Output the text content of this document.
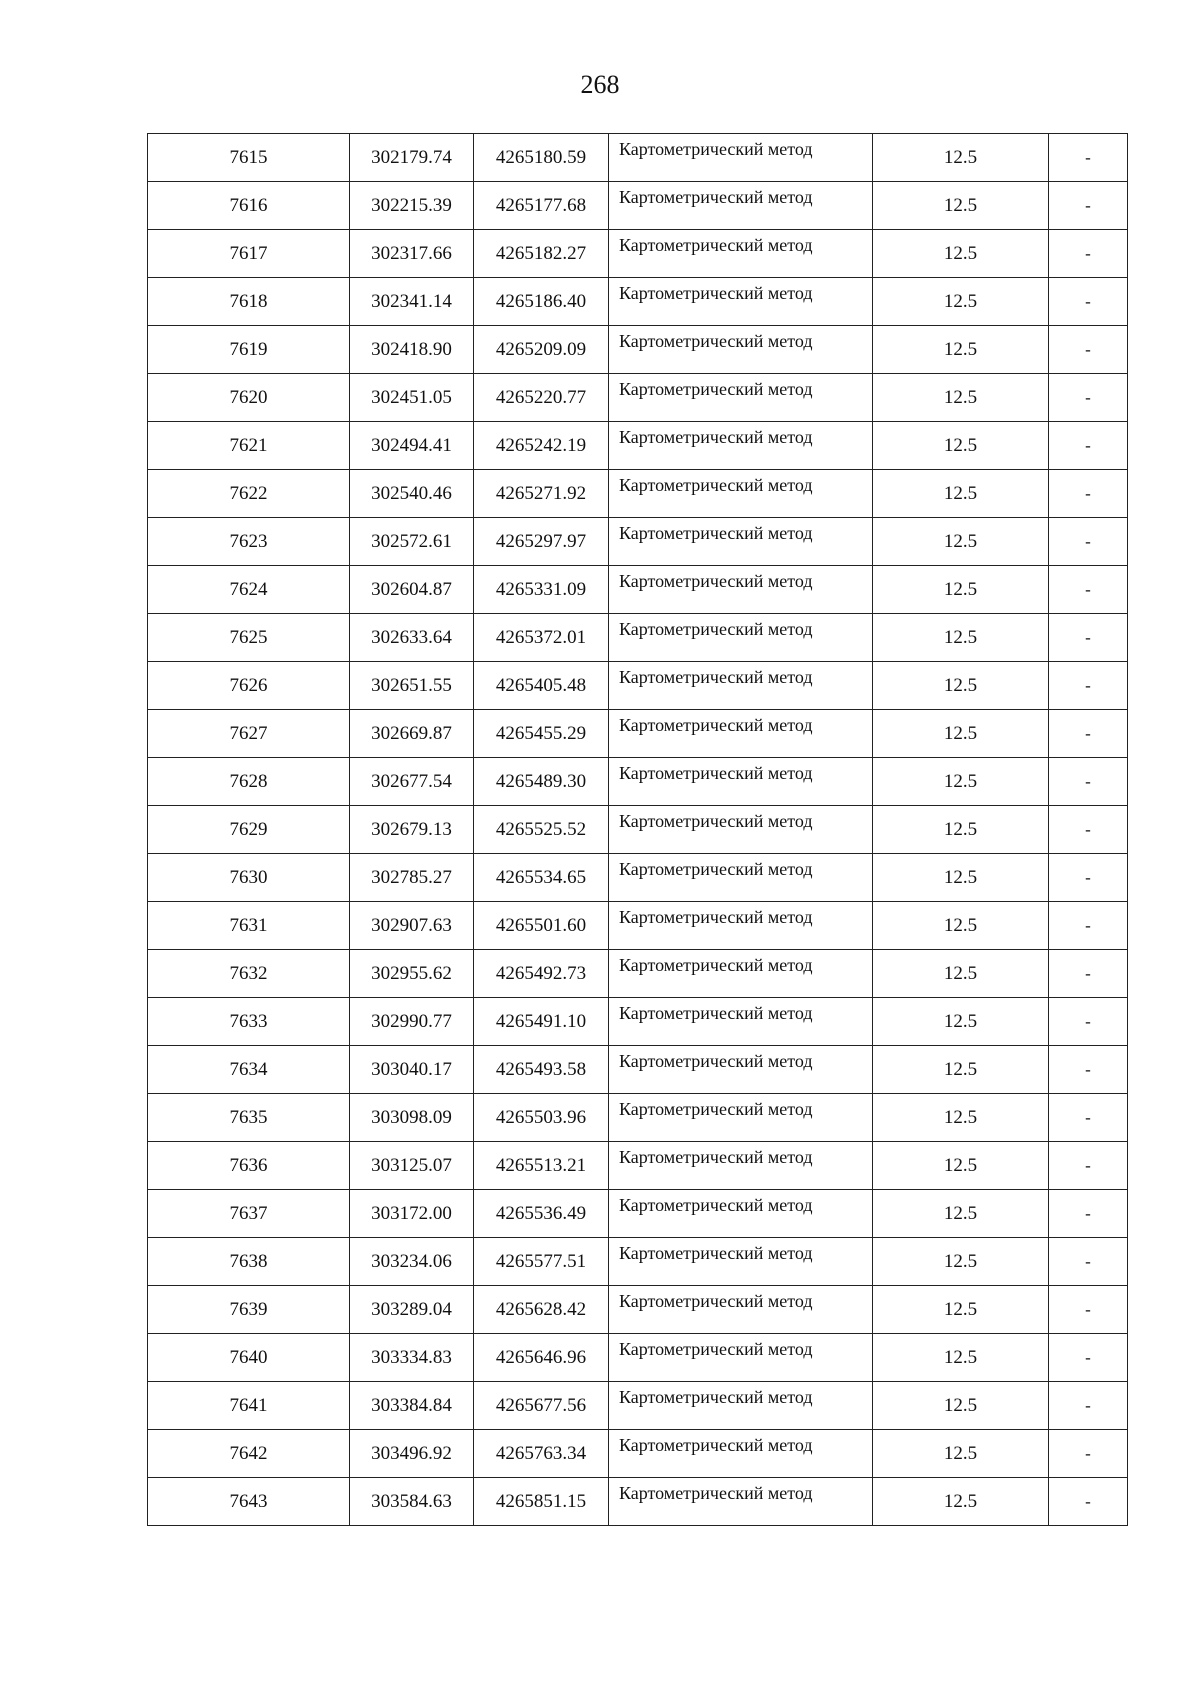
268
7615	302179.74	4265180.59	Картометрический метод	12.5	-
7616	302215.39	4265177.68	Картометрический метод	12.5	-
7617	302317.66	4265182.27	Картометрический метод	12.5	-
7618	302341.14	4265186.40	Картометрический метод	12.5	-
7619	302418.90	4265209.09	Картометрический метод	12.5	-
7620	302451.05	4265220.77	Картометрический метод	12.5	-
7621	302494.41	4265242.19	Картометрический метод	12.5	-
7622	302540.46	4265271.92	Картометрический метод	12.5	-
7623	302572.61	4265297.97	Картометрический метод	12.5	-
7624	302604.87	4265331.09	Картометрический метод	12.5	-
7625	302633.64	4265372.01	Картометрический метод	12.5	-
7626	302651.55	4265405.48	Картометрический метод	12.5	-
7627	302669.87	4265455.29	Картометрический метод	12.5	-
7628	302677.54	4265489.30	Картометрический метод	12.5	-
7629	302679.13	4265525.52	Картометрический метод	12.5	-
7630	302785.27	4265534.65	Картометрический метод	12.5	-
7631	302907.63	4265501.60	Картометрический метод	12.5	-
7632	302955.62	4265492.73	Картометрический метод	12.5	-
7633	302990.77	4265491.10	Картометрический метод	12.5	-
7634	303040.17	4265493.58	Картометрический метод	12.5	-
7635	303098.09	4265503.96	Картометрический метод	12.5	-
7636	303125.07	4265513.21	Картометрический метод	12.5	-
7637	303172.00	4265536.49	Картометрический метод	12.5	-
7638	303234.06	4265577.51	Картометрический метод	12.5	-
7639	303289.04	4265628.42	Картометрический метод	12.5	-
7640	303334.83	4265646.96	Картометрический метод	12.5	-
7641	303384.84	4265677.56	Картометрический метод	12.5	-
7642	303496.92	4265763.34	Картометрический метод	12.5	-
7643	303584.63	4265851.15	Картометрический метод	12.5	-
